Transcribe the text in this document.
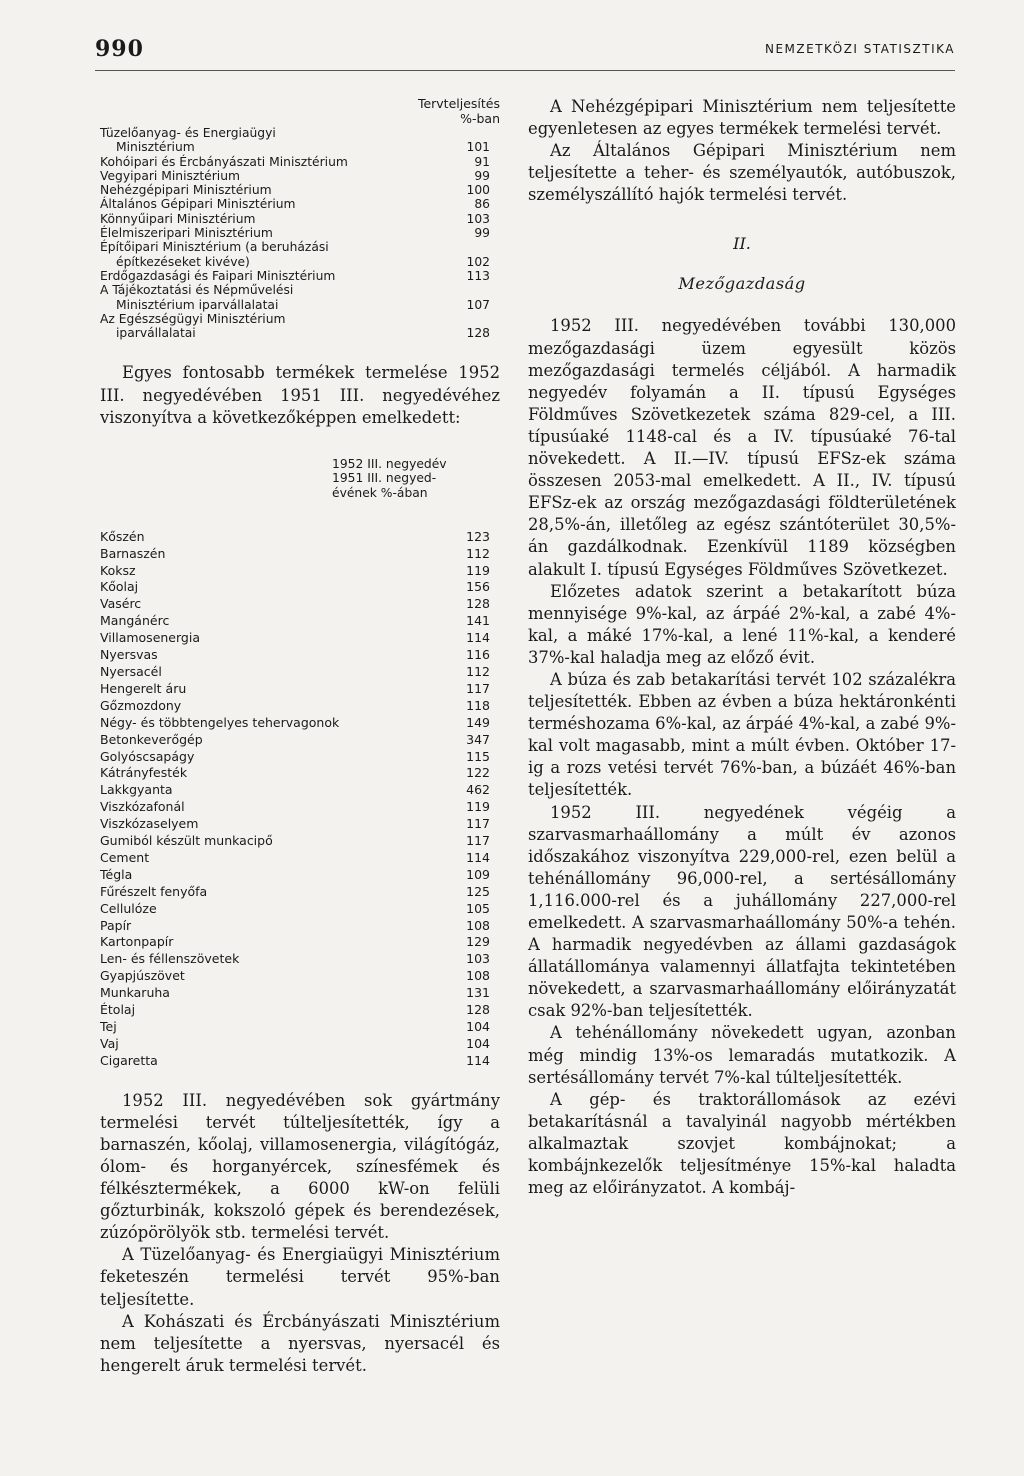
990	NEMZETKÖZI STATISZTIKA
Tervteljesítés
%-ban
Tüzelőanyag- és Energiaügyi
Minisztérium	101
Kohóipari és Ércbányászati Minisztérium	91
Vegyipari Minisztérium	99
Nehézgépipari Minisztérium	100
Általános Gépipari Minisztérium	86
Könnyűipari Minisztérium	103
Élelmiszeripari Minisztérium	99
Építőipari Minisztérium (a beruházási
építkezéseket kivéve)	102
Erdőgazdasági és Faipari Minisztérium	113
A Tájékoztatási és Népművelési
Minisztérium iparvállalatai	107
Az Egészségügyi Minisztérium
iparvállalatai	128

Egyes fontosabb termékek termelése 1952 III. negyedévében 1951 III. negyedévéhez viszonyítva a következőképpen emelkedett:

1952 III. negyedév
1951 III. negyed-
évének %-ában
Kőszén	123
Barnaszén	112
Koksz	119
Kőolaj	156
Vasérc	128
Mangánérc	141
Villamosenergia	114
Nyersvas	116
Nyersacél	112
Hengerelt áru	117
Gőzmozdony	118
Négy- és többtengelyes tehervagonok	149
Betonkeverőgép	347
Golyóscsapágy	115
Kátrányfesték	122
Lakkgyanta	462
Viszkózafonál	119
Viszkózaselyem	117
Gumiból készült munkacipő	117
Cement	114
Tégla	109
Fűrészelt fenyőfa	125
Cellulóze	105
Papír	108
Kartonpapír	129
Len- és féllenszövetek	103
Gyapjúszövet	108
Munkaruha	131
Étolaj	128
Tej	104
Vaj	104
Cigaretta	114

1952 III. negyedévében sok gyártmány termelési tervét túlteljesítették, így a barnaszén, kőolaj, villamosenergia, világítógáz, ólom- és horganyércek, színesfémek és félkésztermékek, a 6000 kW-on felüli gőzturbinák, kokszoló gépek és berendezések, zúzópörölyök stb. termelési tervét.

A Tüzelőanyag- és Energiaügyi Minisztérium feketeszén termelési tervét 95%-ban teljesítette.

A Kohászati és Ércbányászati Minisztérium nem teljesítette a nyersvas, nyersacél és hengerelt áruk termelési tervét.

A Nehézgépipari Minisztérium nem teljesítette egyenletesen az egyes termékek termelési tervét.

Az Általános Gépipari Minisztérium nem teljesítette a teher- és személyautók, autóbuszok, személyszállító hajók termelési tervét.

II.
Mezőgazdaság

1952 III. negyedévében további 130,000 mezőgazdasági üzem egyesült közös mezőgazdasági termelés céljából. A harmadik negyedév folyamán a II. típusú Egységes Földműves Szövetkezetek száma 829-cel, a III. típusúaké 1148-cal és a IV. típusúaké 76-tal növekedett. A II.—IV. típusú EFSz-ek száma összesen 2053-mal emelkedett. A II., IV. típusú EFSz-ek az ország mezőgazdasági földterületének 28,5%-án, illetőleg az egész szántóterület 30,5%-án gazdálkodnak. Ezenkívül 1189 községben alakult I. típusú Egységes Földműves Szövetkezet.

Előzetes adatok szerint a betakarított búza mennyisége 9%-kal, az árpáé 2%-kal, a zabé 4%-kal, a máké 17%-kal, a lené 11%-kal, a kenderé 37%-kal haladja meg az előző évit.

A búza és zab betakarítási tervét 102 százalékra teljesítették. Ebben az évben a búza hektáronkénti terméshozama 6%-kal, az árpáé 4%-kal, a zabé 9%-kal volt magasabb, mint a múlt évben. Október 17-ig a rozs vetési tervét 76%-ban, a búzáét 46%-ban teljesítették.

1952 III. negyedének végéig a szarvasmarhaállomány a múlt év azonos időszakához viszonyítva 229,000-rel, ezen belül a tehénállomány 96,000-rel, a sertésállomány 1,116.000-rel és a juhállomány 227,000-rel emelkedett. A szarvasmarhaállomány 50%-a tehén. A harmadik negyedévben az állami gazdaságok állatállománya valamennyi állatfajta tekintetében növekedett, a szarvasmarhaállomány előirányzatát csak 92%-ban teljesítették.

A tehénállomány növekedett ugyan, azonban még mindig 13%-os lemaradás mutatkozik. A sertésállomány tervét 7%-kal túlteljesítették.

A gép- és traktorállomások az ezévi betakarításnál a tavalyinál nagyobb mértékben alkalmaztak szovjet kombájnokat; a kombájnkezelők teljesítménye 15%-kal haladta meg az előirányzatot. A kombáj-
